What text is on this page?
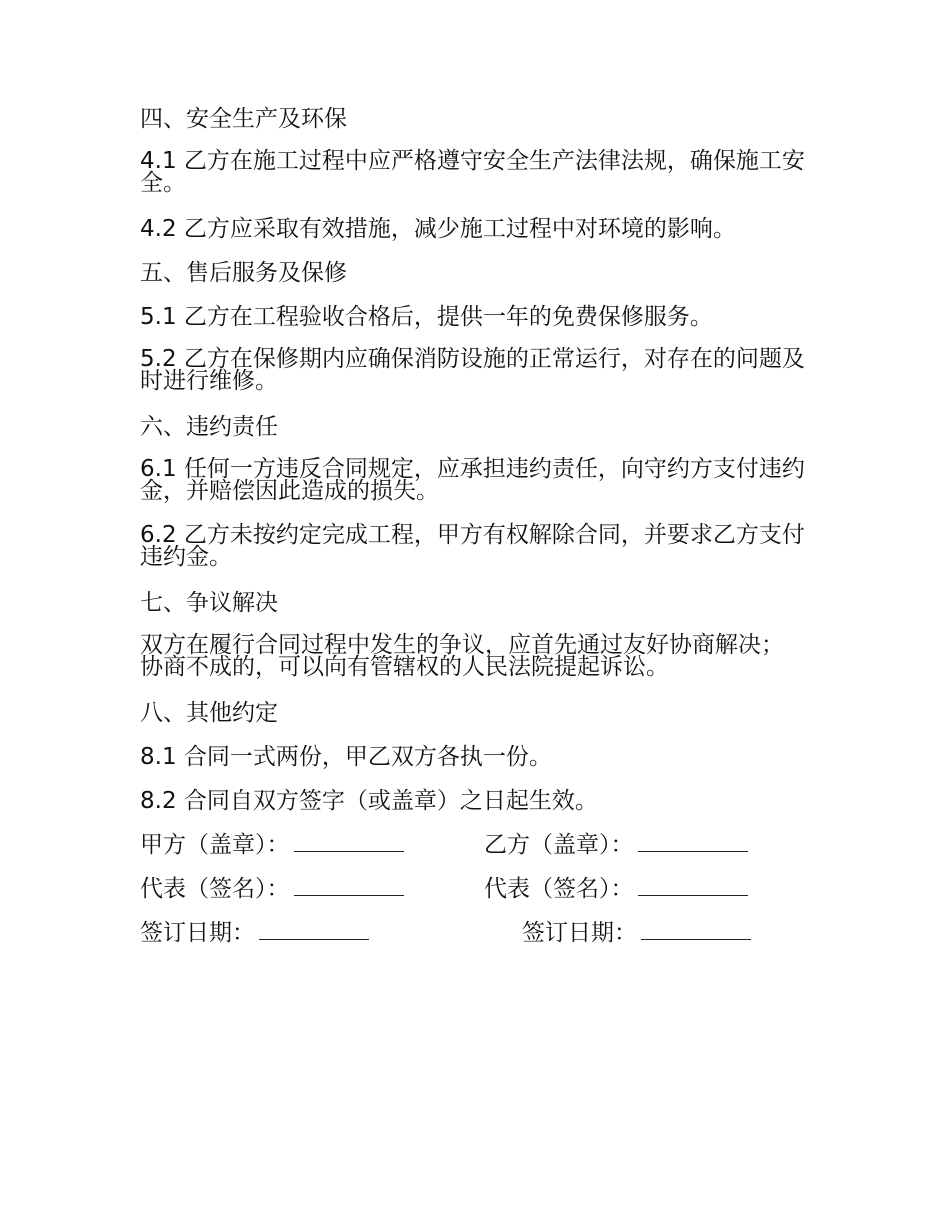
四、安全生产及环保
4.1 乙方在施工过程中应严格遵守安全生产法律法规，确保施工安全。
4.2 乙方应采取有效措施，减少施工过程中对环境的影响。
五、售后服务及保修
5.1 乙方在工程验收合格后，提供一年的免费保修服务。
5.2 乙方在保修期内应确保消防设施的正常运行，对存在的问题及时进行维修。
六、违约责任
6.1 任何一方违反合同规定，应承担违约责任，向守约方支付违约金，并赔偿因此造成的损失。
6.2 乙方未按约定完成工程，甲方有权解除合同，并要求乙方支付违约金。
七、争议解决
双方在履行合同过程中发生的争议，应首先通过友好协商解决；协商不成的，可以向有管辖权的人民法院提起诉讼。
八、其他约定
8.1 合同一式两份，甲乙双方各执一份。
8.2 合同自双方签字（或盖章）之日起生效。
甲方（盖章）：	乙方（盖章）：
代表（签名）：	代表（签名）：
签订日期：	签订日期：
